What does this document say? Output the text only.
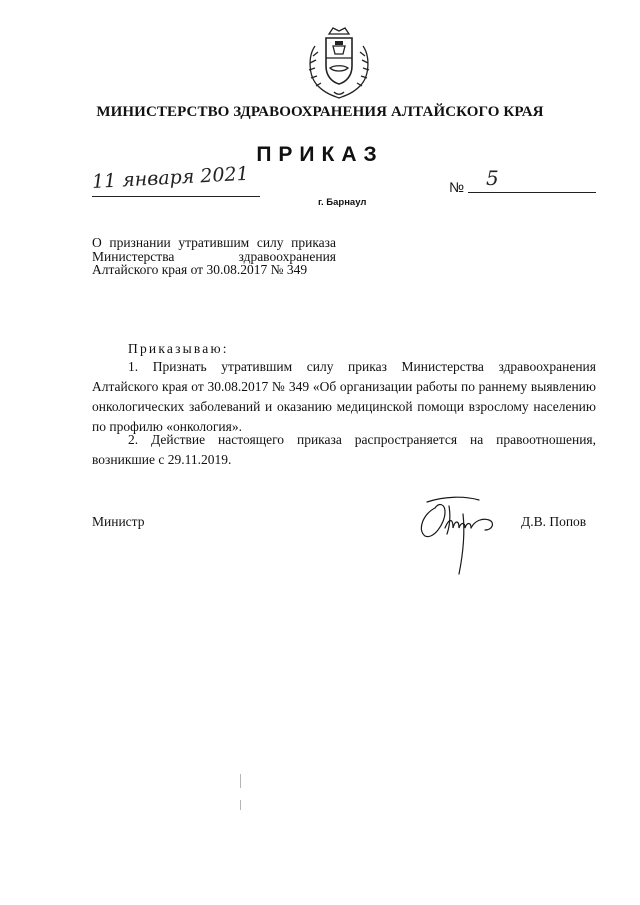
МИНИСТЕРСТВО ЗДРАВООХРАНЕНИЯ АЛТАЙСКОГО КРАЯ
ПРИКАЗ
11 января 2021
г. Барнаул
№ 5
О признании утратившим силу приказа Министерства здравоохранения Алтайского края от 30.08.2017 № 349
Приказываю:
1. Признать утратившим силу приказ Министерства здравоохранения Алтайского края от 30.08.2017 № 349 «Об организации работы по раннему выявлению онкологических заболеваний и оказанию медицинской помощи взрослому населению по профилю «онкология».
2. Действие настоящего приказа распространяется на правоотношения, возникшие с 29.11.2019.
Министр	Д.В. Попов
